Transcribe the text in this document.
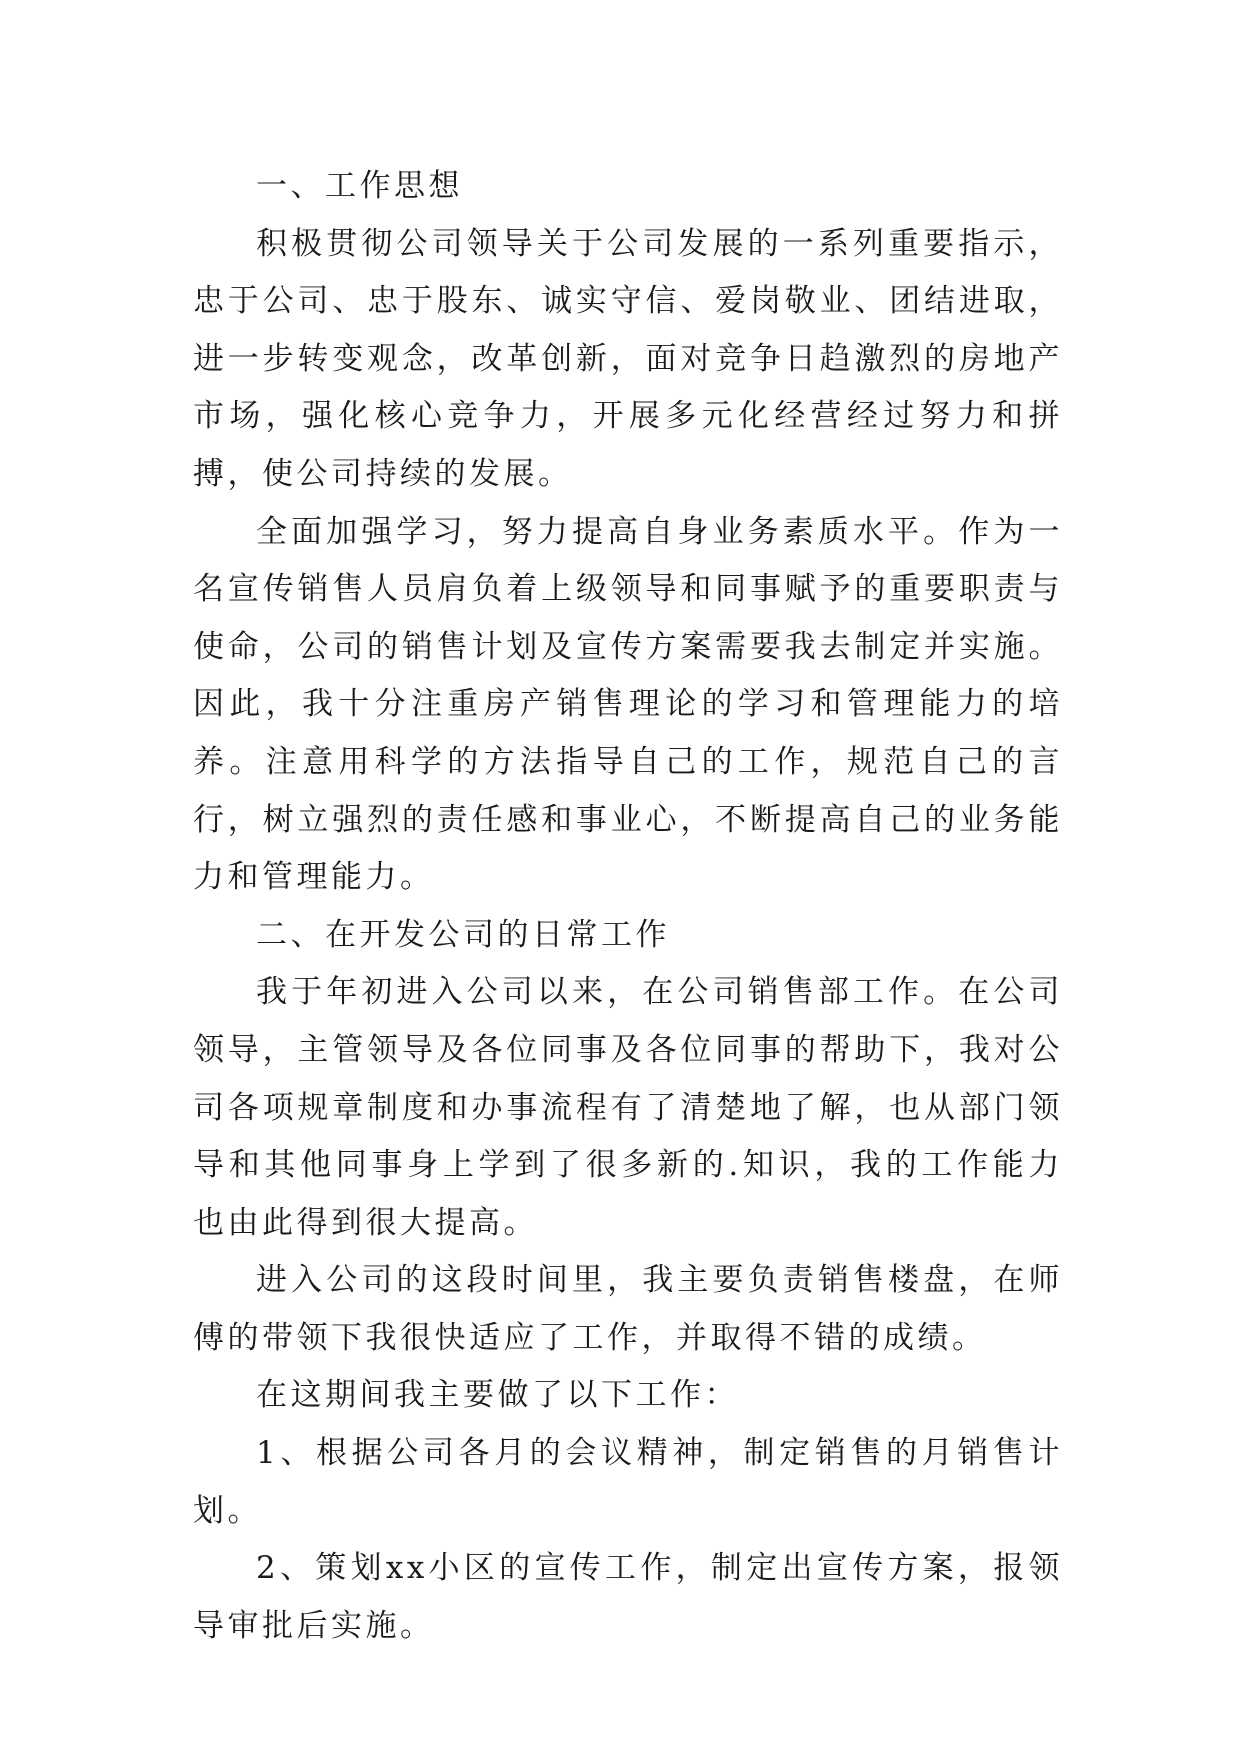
一、工作思想

积极贯彻公司领导关于公司发展的一系列重要指示，忠于公司、忠于股东、诚实守信、爱岗敬业、团结进取，进一步转变观念，改革创新，面对竞争日趋激烈的房地产市场，强化核心竞争力，开展多元化经营经过努力和拼搏，使公司持续的发展。

全面加强学习，努力提高自身业务素质水平。作为一名宣传销售人员肩负着上级领导和同事赋予的重要职责与使命，公司的销售计划及宣传方案需要我去制定并实施。因此，我十分注重房产销售理论的学习和管理能力的培养。注意用科学的方法指导自己的工作，规范自己的言行，树立强烈的责任感和事业心，不断提高自己的业务能力和管理能力。

二、在开发公司的日常工作

我于年初进入公司以来，在公司销售部工作。在公司领导，主管领导及各位同事及各位同事的帮助下，我对公司各项规章制度和办事流程有了清楚地了解，也从部门领导和其他同事身上学到了很多新的.知识，我的工作能力也由此得到很大提高。

进入公司的这段时间里，我主要负责销售楼盘，在师傅的带领下我很快适应了工作，并取得不错的成绩。

在这期间我主要做了以下工作：

1、根据公司各月的会议精神，制定销售的月销售计划。

2、策划xx小区的宣传工作，制定出宣传方案，报领导审批后实施。
